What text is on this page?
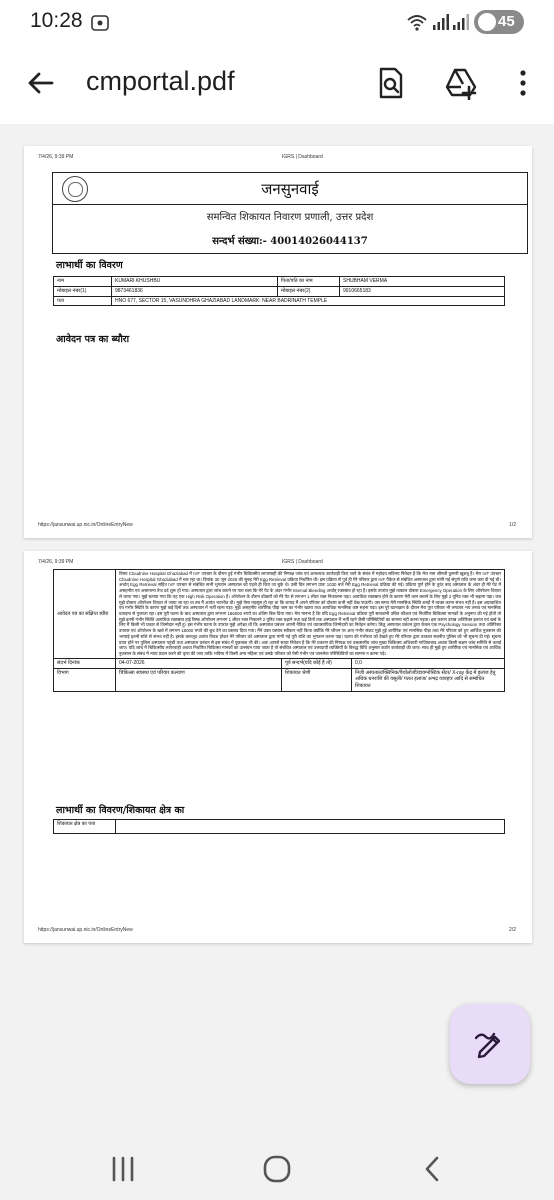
10:28	45
cmportal.pdf
7/4/26, 9:39 PM	IGRS | Dashboard
जनसुनवाई
समन्वित शिकायत निवारण प्रणाली, उत्तर प्रदेश
सन्दर्भ संख्या:- 40014026044137
लाभार्थी का विवरण
नाम	KUMARI KHUSHBU	पिता/पति का नाम	SHUBHAM VERMA
मोबाइल नंबर(1)	9873461836	मोबाइल नंबर(2)	9910665183
पता	HNO 677, SECTOR 15, VASUNDHRA GHAZIABAD LANDMARK: NEAR BADRINATH TEMPLE		
आवेदन पत्र का ब्यौरा
https://jansunwai.up.nic.in/OnlineEntryNew	1/2
7/4/26, 9:39 PM	IGRS | Dashboard
आवेदन पत्र का संक्षिप्त ब्यौरा	विषय Cloudnine Hospital Ghaziabad में IVF उपचार के दौरान हुई गंभीर चिकित्सीय लापरवाही की निष्पक्ष जांच एवं आवश्यक कार्यवाही किए जाने के संबंध में महोदय सविनय निवेदन है कि मेरा नाम श्रीमती कुमारी खुशबू है। मेरा IVF उपचार Cloudnine Hospital Ghaziabad में चल रहा था। दिनांक 30 जून 2026 की सुबह मेरी Egg Retrieval प्रक्रिया निर्धारित थी। इस प्रक्रिया से पूर्व ही मेरे परिवार द्वारा IVF पैकेज से संबंधित अस्पताल द्वारा मांगी गई संपूर्ण राशि जमा करा दी गई थी। अर्थात् Egg Retrieval सहित IVF उपचार से संबंधित सभी भुगतान अस्पताल को पहले ही किए जा चुके थे। उसी दिन लगभग प्रातः 1030 बजे मेरी Egg Retrieval प्रक्रिया की गई। प्रक्रिया पूर्ण होने के तुरंत बाद अस्पताल के अंदर ही मेरे पेट में असहनीय एवं असामान्य तेज दर्द शुरू हो गया। अस्पताल द्वारा जांच कराने पर पता चला कि मेरे पेट के अंदर गंभीर Internal Bleeding अर्थात् रक्तस्राव हो रहा है। इसके उपरांत मुझे तत्काल दोबारा Emergency Operation के लिए ऑपरेशन थिएटर ले जाया गया। मुझे बताया गया कि यह एक High Risk Operation है। ऑपरेशन के दौरान डॉक्टरों को मेरे पेट से लगभग 1 लीटर रक्त निकालना पड़ा। अत्यधिक रक्तस्राव होने के कारण मेरी जान बचाने के लिए मुझे 2 यूनिट रक्त भी चढ़ाना पड़ा। जब मुझे दोबारा ऑपरेशन थिएटर ले जाया जा रहा था तब मैं अत्यंत भयभीत थी। मुझे ऐसा महसूस हो रहा था कि शायद मैं अपने परिवार को दोबारा कभी नहीं देख पाऊंगी। उस समय मेरी मानसिक स्थिति शब्दों में व्यक्त करना संभव नहीं है। इस अप्रत्याशित एवं गंभीर स्थिति के कारण मुझे कई दिनों तक अस्पताल में भर्ती रहना पड़ा। मुझे असहनीय शारीरिक पीड़ा जान का गंभीर खतरा तथा अत्यधिक मानसिक कष्ट सहना पड़ा। इस पूरे घटनाक्रम के दौरान मेरा पूरा परिवार भी लगातार भय तनाव एवं मानसिक प्रताड़ना से गुजरता रहा। इस पूरी घटना के बाद अस्पताल द्वारा लगभग 186000 रुपये का अंतिम बिल दिया गया। मेरा मानना है कि यदि Egg Retrieval प्रक्रिया पूरी सावधानी उचित कौशल एवं निर्धारित चिकित्सा मानकों के अनुरूप की गई होती तो मुझे इतनी गंभीर स्थिति अत्यधिक रक्तस्राव हाई रिस्क ऑपरेशन लगभग 1 लीटर रक्त निकलने 2 यूनिट रक्त चढ़ाने तथा कई दिनों तक अस्पताल में भर्ती रहने जैसी परिस्थितियों का सामना नहीं करना पड़ता। इस कारण उत्पन्न अतिरिक्त इलाज एवं खर्च के लिए मैं किसी भी प्रकार से जिम्मेदार नहीं हूं। इस गंभीर घटना के उपरांत मुझे अपेक्षा थी कि अस्पताल प्रबंधन अपनी नैतिक एवं व्यावसायिक जिम्मेदारी का निर्वहन करेगा। किंतु अस्पताल प्रबंधन द्वारा केवल एक Psychology Session तथा अतिरिक्त उपचार एवं ऑपरेशन के खर्च में लगभग 18000 रुपये की छूट देने का प्रस्ताव दिया गया। मैंने उक्त प्रस्ताव स्वीकार नहीं किया क्योंकि मेरे जीवन पर आए गंभीर संकट मुझे हुई शारीरिक एवं मानसिक पीड़ा तथा मेरे परिवार को हुए आर्थिक नुकसान की भरपाई इतनी राशि से संभव नहीं है। इसके बावजूद अत्यंत विवश होकर मेरे परिवार को अस्पताल द्वारा मांगी गई पूरी राशि का भुगतान करना पड़ा। घटना की गंभीरता को देखते हुए मेरे परिवार द्वारा तत्काल स्थानीय पुलिस को भी सूचना दी गई। सूचना प्राप्त होने पर पुलिस अस्पताल पहुंची तथा अस्पताल प्रबंधन से इस संबंध में पूछताछ भी की। अतः आपसे सादर निवेदन है कि मेरे प्रकरण की निष्पक्ष एवं उच्चस्तरीय जांच मुख्य चिकित्सा अधिकारी गाजियाबाद अथवा किसी सक्षम जांच समिति से कराई जाए। यदि जांच में चिकित्सीय लापरवाही अथवा निर्धारित चिकित्सा मानकों का उल्लंघन पाया जाता है तो संबंधित अस्पताल एवं उत्तरदायी व्यक्तियों के विरुद्ध विधि अनुसार कठोर कार्यवाही की जाए। साथ ही मुझे हुए शारीरिक एवं मानसिक एवं आर्थिक नुकसान के संबंध में न्याय प्रदान करने की कृपा की जाए ताकि भविष्य में किसी अन्य महिला एवं उसके परिवार को ऐसी गंभीर एवं जानलेवा परिस्थितियों का सामना न करना पड़े।		
संदर्भ दिनांक	04-07-2026	पूर्व सन्दर्भ(यदि कोई है तो)	0,0
विभाग	चिकित्सा स्वास्थ्य एवं परिवार कल्याण	शिकायत श्रेणी	निजी अस्पताल/क्लिनिक/पैथोलोजी/डायग्नोस्टिक सेंटर/ X-ray केंद्र में इलाज हेतु अधिक धनराशि की वसूली/ गलत इलाज/ अभद्र व्यवहार आदि से सम्बंधित शिकायत
लाभार्थी का विवरण/शिकायत क्षेत्र का
शिकायत क्षेत्र का पता	
https://jansunwai.up.nic.in/OnlineEntryNew	2/2
